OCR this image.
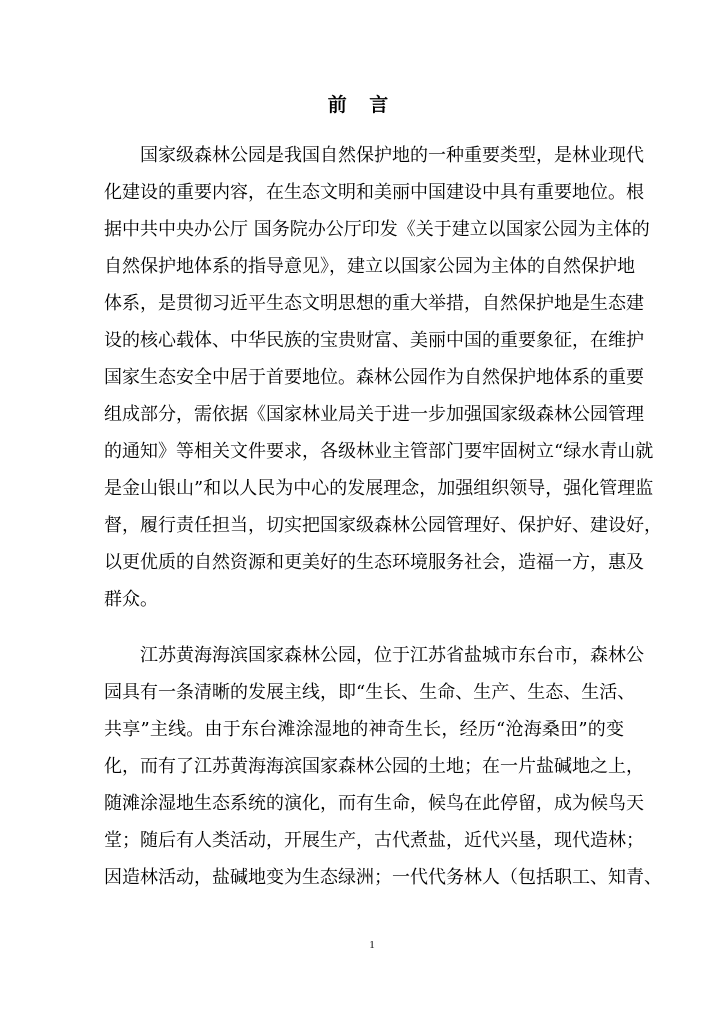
前 言
国家级森林公园是我国自然保护地的一种重要类型，是林业现代
化建设的重要内容，在生态文明和美丽中国建设中具有重要地位。根
据中共中央办公厅 国务院办公厅印发《关于建立以国家公园为主体的
自然保护地体系的指导意见》，建立以国家公园为主体的自然保护地
体系，是贯彻习近平生态文明思想的重大举措，自然保护地是生态建
设的核心载体、中华民族的宝贵财富、美丽中国的重要象征，在维护
国家生态安全中居于首要地位。森林公园作为自然保护地体系的重要
组成部分，需依据《国家林业局关于进一步加强国家级森林公园管理
的通知》等相关文件要求，各级林业主管部门要牢固树立“绿水青山就
是金山银山”和以人民为中心的发展理念，加强组织领导，强化管理监
督，履行责任担当，切实把国家级森林公园管理好、保护好、建设好，
以更优质的自然资源和更美好的生态环境服务社会，造福一方，惠及
群众。
江苏黄海海滨国家森林公园，位于江苏省盐城市东台市，森林公
园具有一条清晰的发展主线，即“生长、生命、生产、生态、生活、
共享”主线。由于东台滩涂湿地的神奇生长，经历“沧海桑田”的变
化，而有了江苏黄海海滨国家森林公园的土地；在一片盐碱地之上，
随滩涂湿地生态系统的演化，而有生命，候鸟在此停留，成为候鸟天
堂；随后有人类活动，开展生产，古代煮盐，近代兴垦，现代造林；
因造林活动，盐碱地变为生态绿洲；一代代务林人（包括职工、知青、
1
